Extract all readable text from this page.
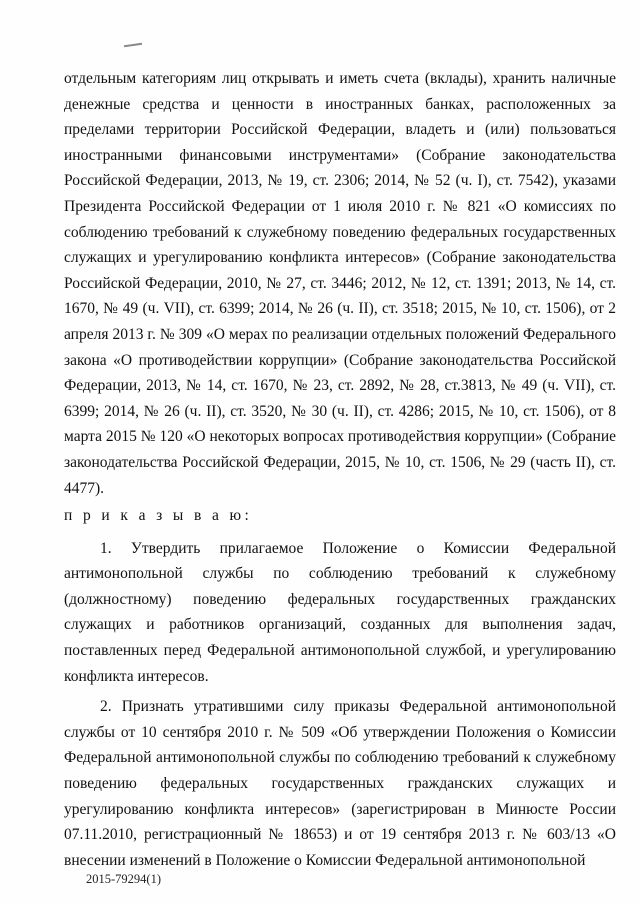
отдельным категориям лиц открывать и иметь счета (вклады), хранить наличные денежные средства и ценности в иностранных банках, расположенных за пределами территории Российской Федерации, владеть и (или) пользоваться иностранными финансовыми инструментами» (Собрание законодательства Российской Федерации, 2013, № 19, ст. 2306; 2014, № 52 (ч. I), ст. 7542), указами Президента Российской Федерации от 1 июля 2010 г. № 821 «О комиссиях по соблюдению требований к служебному поведению федеральных государственных служащих и урегулированию конфликта интересов» (Собрание законодательства Российской Федерации, 2010, № 27, ст. 3446; 2012, № 12, ст. 1391; 2013, № 14, ст. 1670, № 49 (ч. VII), ст. 6399; 2014, № 26 (ч. II), ст. 3518; 2015, № 10, ст. 1506), от 2 апреля 2013 г. № 309 «О мерах по реализации отдельных положений Федерального закона «О противодействии коррупции» (Собрание законодательства Российской Федерации, 2013, № 14, ст. 1670, № 23, ст. 2892, № 28, ст.3813, № 49 (ч. VII), ст. 6399; 2014, № 26 (ч. II), ст. 3520, № 30 (ч. II), ст. 4286; 2015, № 10, ст. 1506), от 8 марта 2015 № 120 «О некоторых вопросах противодействия коррупции» (Собрание законодательства Российской Федерации, 2015, № 10, ст. 1506, № 29 (часть II), ст. 4477).

п р и к а з ы в а ю:

1. Утвердить прилагаемое Положение о Комиссии Федеральной антимонопольной службы по соблюдению требований к служебному (должностному) поведению федеральных государственных гражданских служащих и работников организаций, созданных для выполнения задач, поставленных перед Федеральной антимонопольной службой, и урегулированию конфликта интересов.

2. Признать утратившими силу приказы Федеральной антимонопольной службы от 10 сентября 2010 г. № 509 «Об утверждении Положения о Комиссии Федеральной антимонопольной службы по соблюдению требований к служебному поведению федеральных государственных гражданских служащих и урегулированию конфликта интересов» (зарегистрирован в Минюсте России 07.11.2010, регистрационный № 18653) и от 19 сентября 2013 г. № 603/13 «О внесении изменений в Положение о Комиссии Федеральной антимонопольной

2015-79294(1)
